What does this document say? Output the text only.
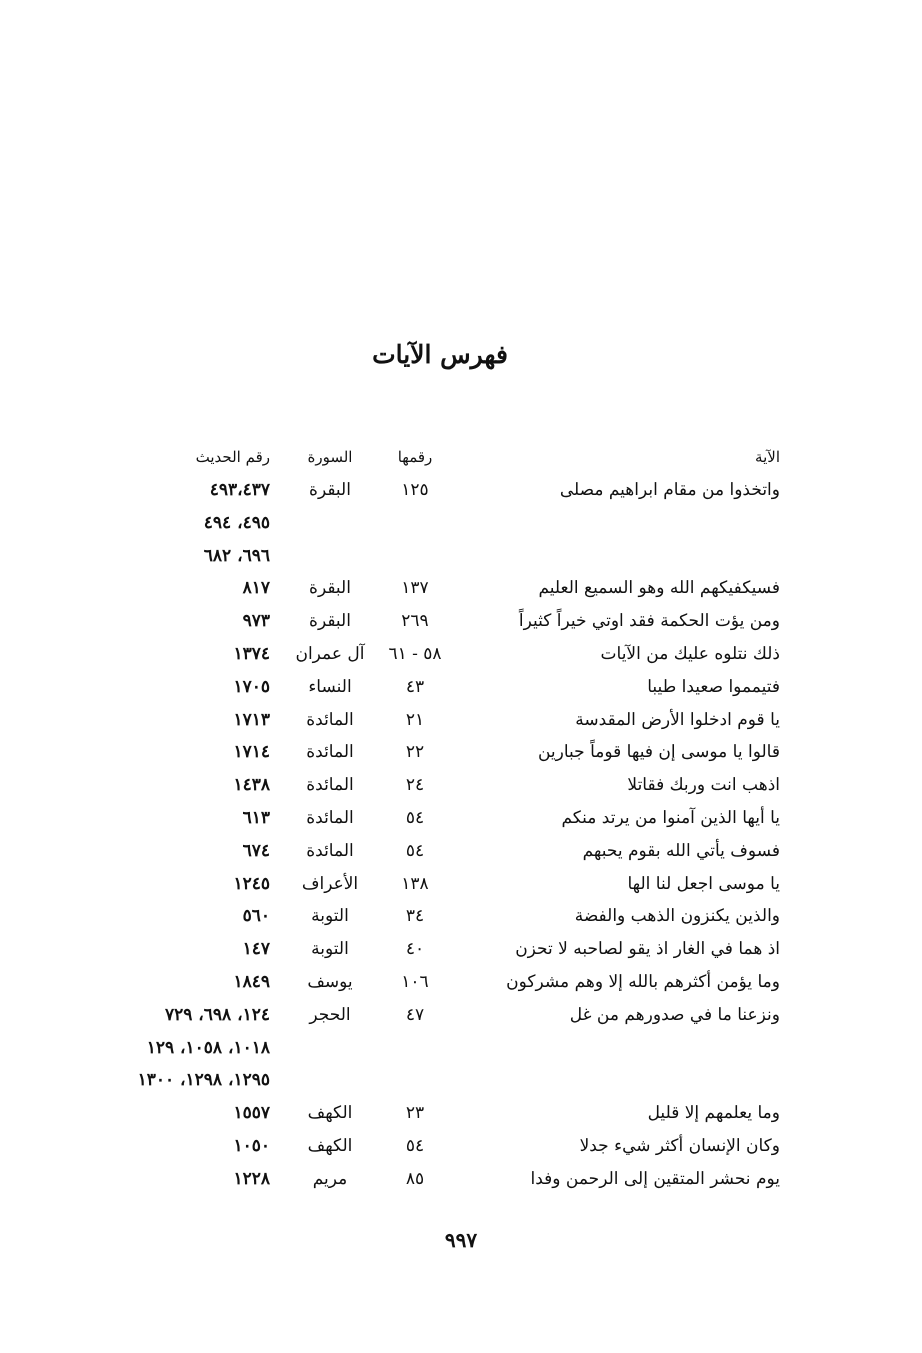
فهرس الآيات
الآية
رقمها
السورة
رقم الحديث
واتخذوا من مقام ابراهيم مصلى
١٢٥
البقرة
٤٩٣،٤٣٧
٤٩٥، ٤٩٤
٦٩٦، ٦٨٢
فسيكفيكهم الله وهو السميع العليم
١٣٧
البقرة
٨١٧
ومن يؤت الحكمة فقد اوتي خيراً كثيراً
٢٦٩
البقرة
٩٧٣
ذلك نتلوه عليك من الآيات
٥٨ - ٦١
آل عمران
١٣٧٤
فتيمموا صعيدا طيبا
٤٣
النساء
١٧٠٥
يا قوم ادخلوا الأرض المقدسة
٢١
المائدة
١٧١٣
قالوا يا موسى إن فيها قوماً جبارين
٢٢
المائدة
١٧١٤
اذهب انت وربك فقاتلا
٢٤
المائدة
١٤٣٨
يا أيها الذين آمنوا من يرتد منكم
٥٤
المائدة
٦١٣
فسوف يأتي الله بقوم يحبهم
٥٤
المائدة
٦٧٤
يا موسى اجعل لنا الها
١٣٨
الأعراف
١٢٤٥
والذين يكنزون الذهب والفضة
٣٤
التوبة
٥٦٠
اذ هما في الغار اذ يقو لصاحبه لا تحزن
٤٠
التوبة
١٤٧
وما يؤمن أكثرهم بالله إلا وهم مشركون
١٠٦
يوسف
١٨٤٩
ونزعنا ما في صدورهم من غل
٤٧
الحجر
١٢٤، ٦٩٨، ٧٢٩
١٠١٨، ١٠٥٨، ١٢٩
١٢٩٥، ١٢٩٨، ١٣٠٠
وما يعلمهم إلا قليل
٢٣
الكهف
١٥٥٧
وكان الإنسان أكثر شيء جدلا
٥٤
الكهف
١٠٥٠
يوم نحشر المتقين إلى الرحمن وفدا
٨٥
مريم
١٢٢٨
٩٩٧
